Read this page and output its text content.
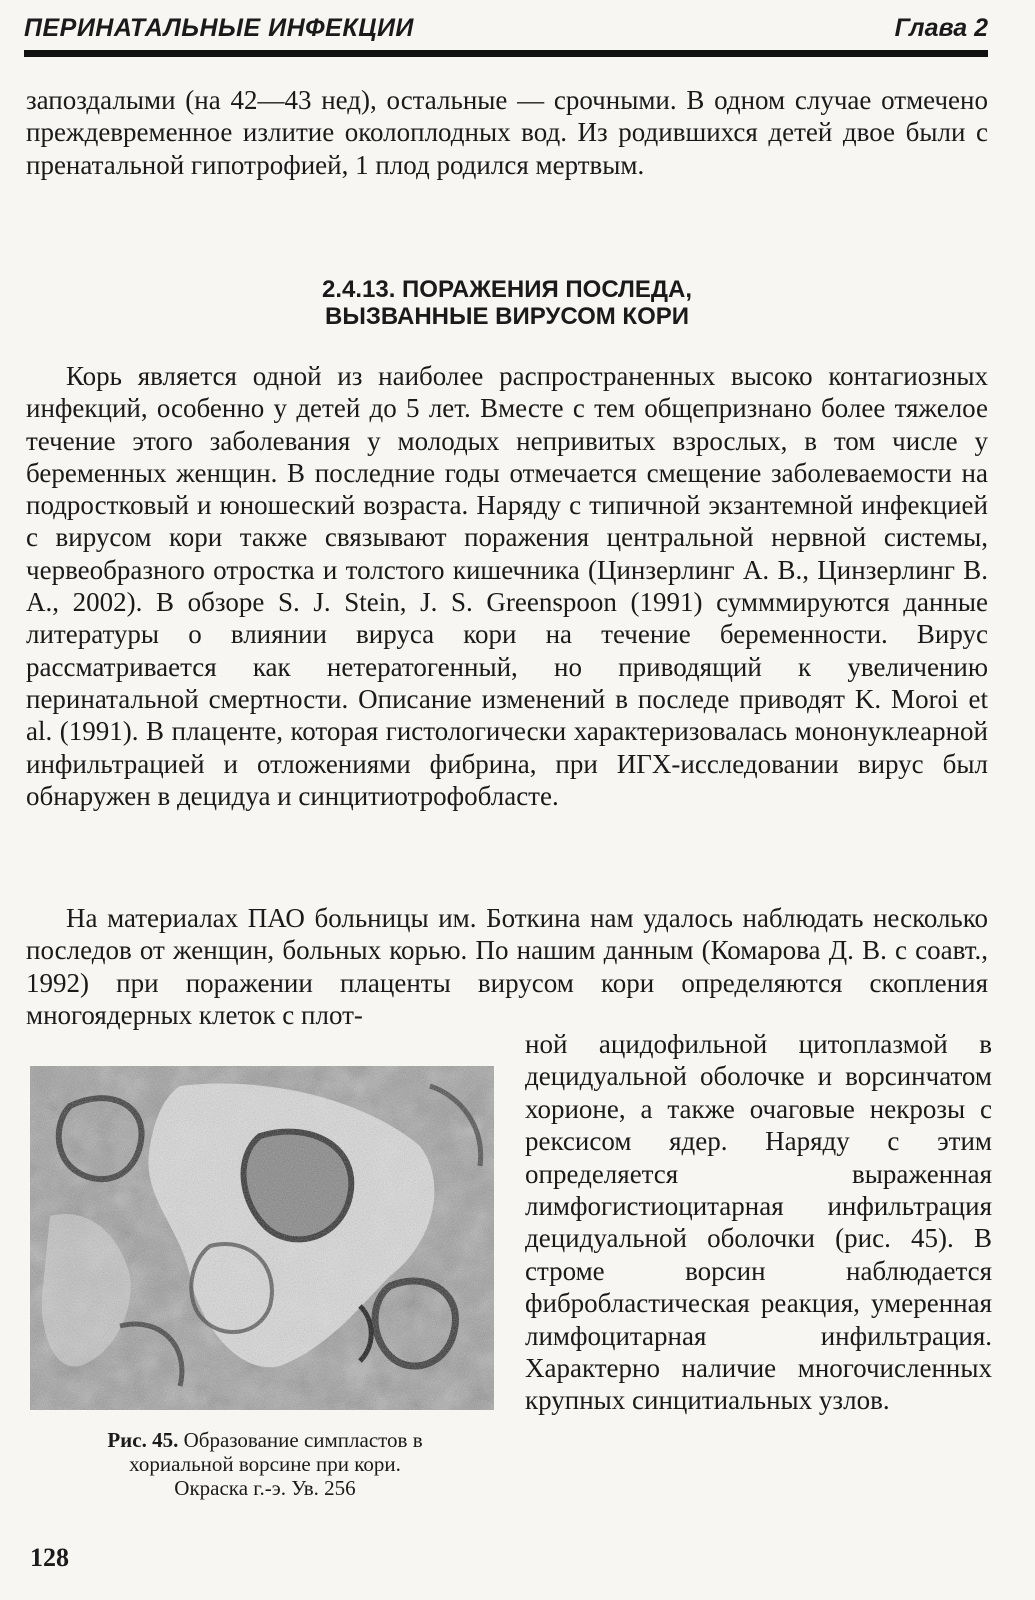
ПЕРИНАТАЛЬНЫЕ ИНФЕКЦИИ	Глава 2
запоздалыми (на 42—43 нед), остальные — срочными. В одном случае отмечено преждевременное излитие околоплодных вод. Из родившихся детей двое были с пренатальной гипотрофией, 1 плод родился мертвым.
2.4.13. ПОРАЖЕНИЯ ПОСЛЕДА,
ВЫЗВАННЫЕ ВИРУСОМ КОРИ
Корь является одной из наиболее распространенных высоко контагиозных инфекций, особенно у детей до 5 лет. Вместе с тем общепризнано более тяжелое течение этого заболевания у молодых непривитых взрослых, в том числе у беременных женщин. В последние годы отмечается смещение заболеваемости на подростковый и юношеский возраста. Наряду с типичной экзантемной инфекцией с вирусом кори также связывают поражения центральной нервной системы, червеобразного отростка и толстого кишечника (Цинзерлинг А. В., Цинзерлинг В. А., 2002). В обзоре S. J. Stein, J. S. Greenspoon (1991) сумммируются данные литературы о влиянии вируса кори на течение беременности. Вирус рассматривается как нетератогенный, но приводящий к увеличению перинатальной смертности. Описание изменений в последе приводят K. Moroi et al. (1991). В плаценте, которая гистологически характеризовалась мононуклеарной инфильтрацией и отложениями фибрина, при ИГХ-исследовании вирус был обнаружен в децидуа и синцитиотрофобласте.
На материалах ПАО больницы им. Боткина нам удалось наблюдать несколько последов от женщин, больных корью. По нашим данным (Комарова Д. В. с соавт., 1992) при поражении плаценты вирусом кори определяются скопления многоядерных клеток с плот-
ной ацидофильной цитоплазмой в децидуальной оболочке и ворсинчатом хорионе, а также очаговые некрозы с рексисом ядер. Наряду с этим определяется выраженная лимфогистиоцитарная инфильтрация децидуальной оболочки (рис. 45). В строме ворсин наблюдается фибробластическая реакция, умеренная лимфоцитарная инфильтрация. Характерно наличие многочисленных крупных синцитиальных узлов.
Рис. 45. Образование симпластов в
хориальной ворсине при кори.
Окраска г.-э. Ув. 256
128
